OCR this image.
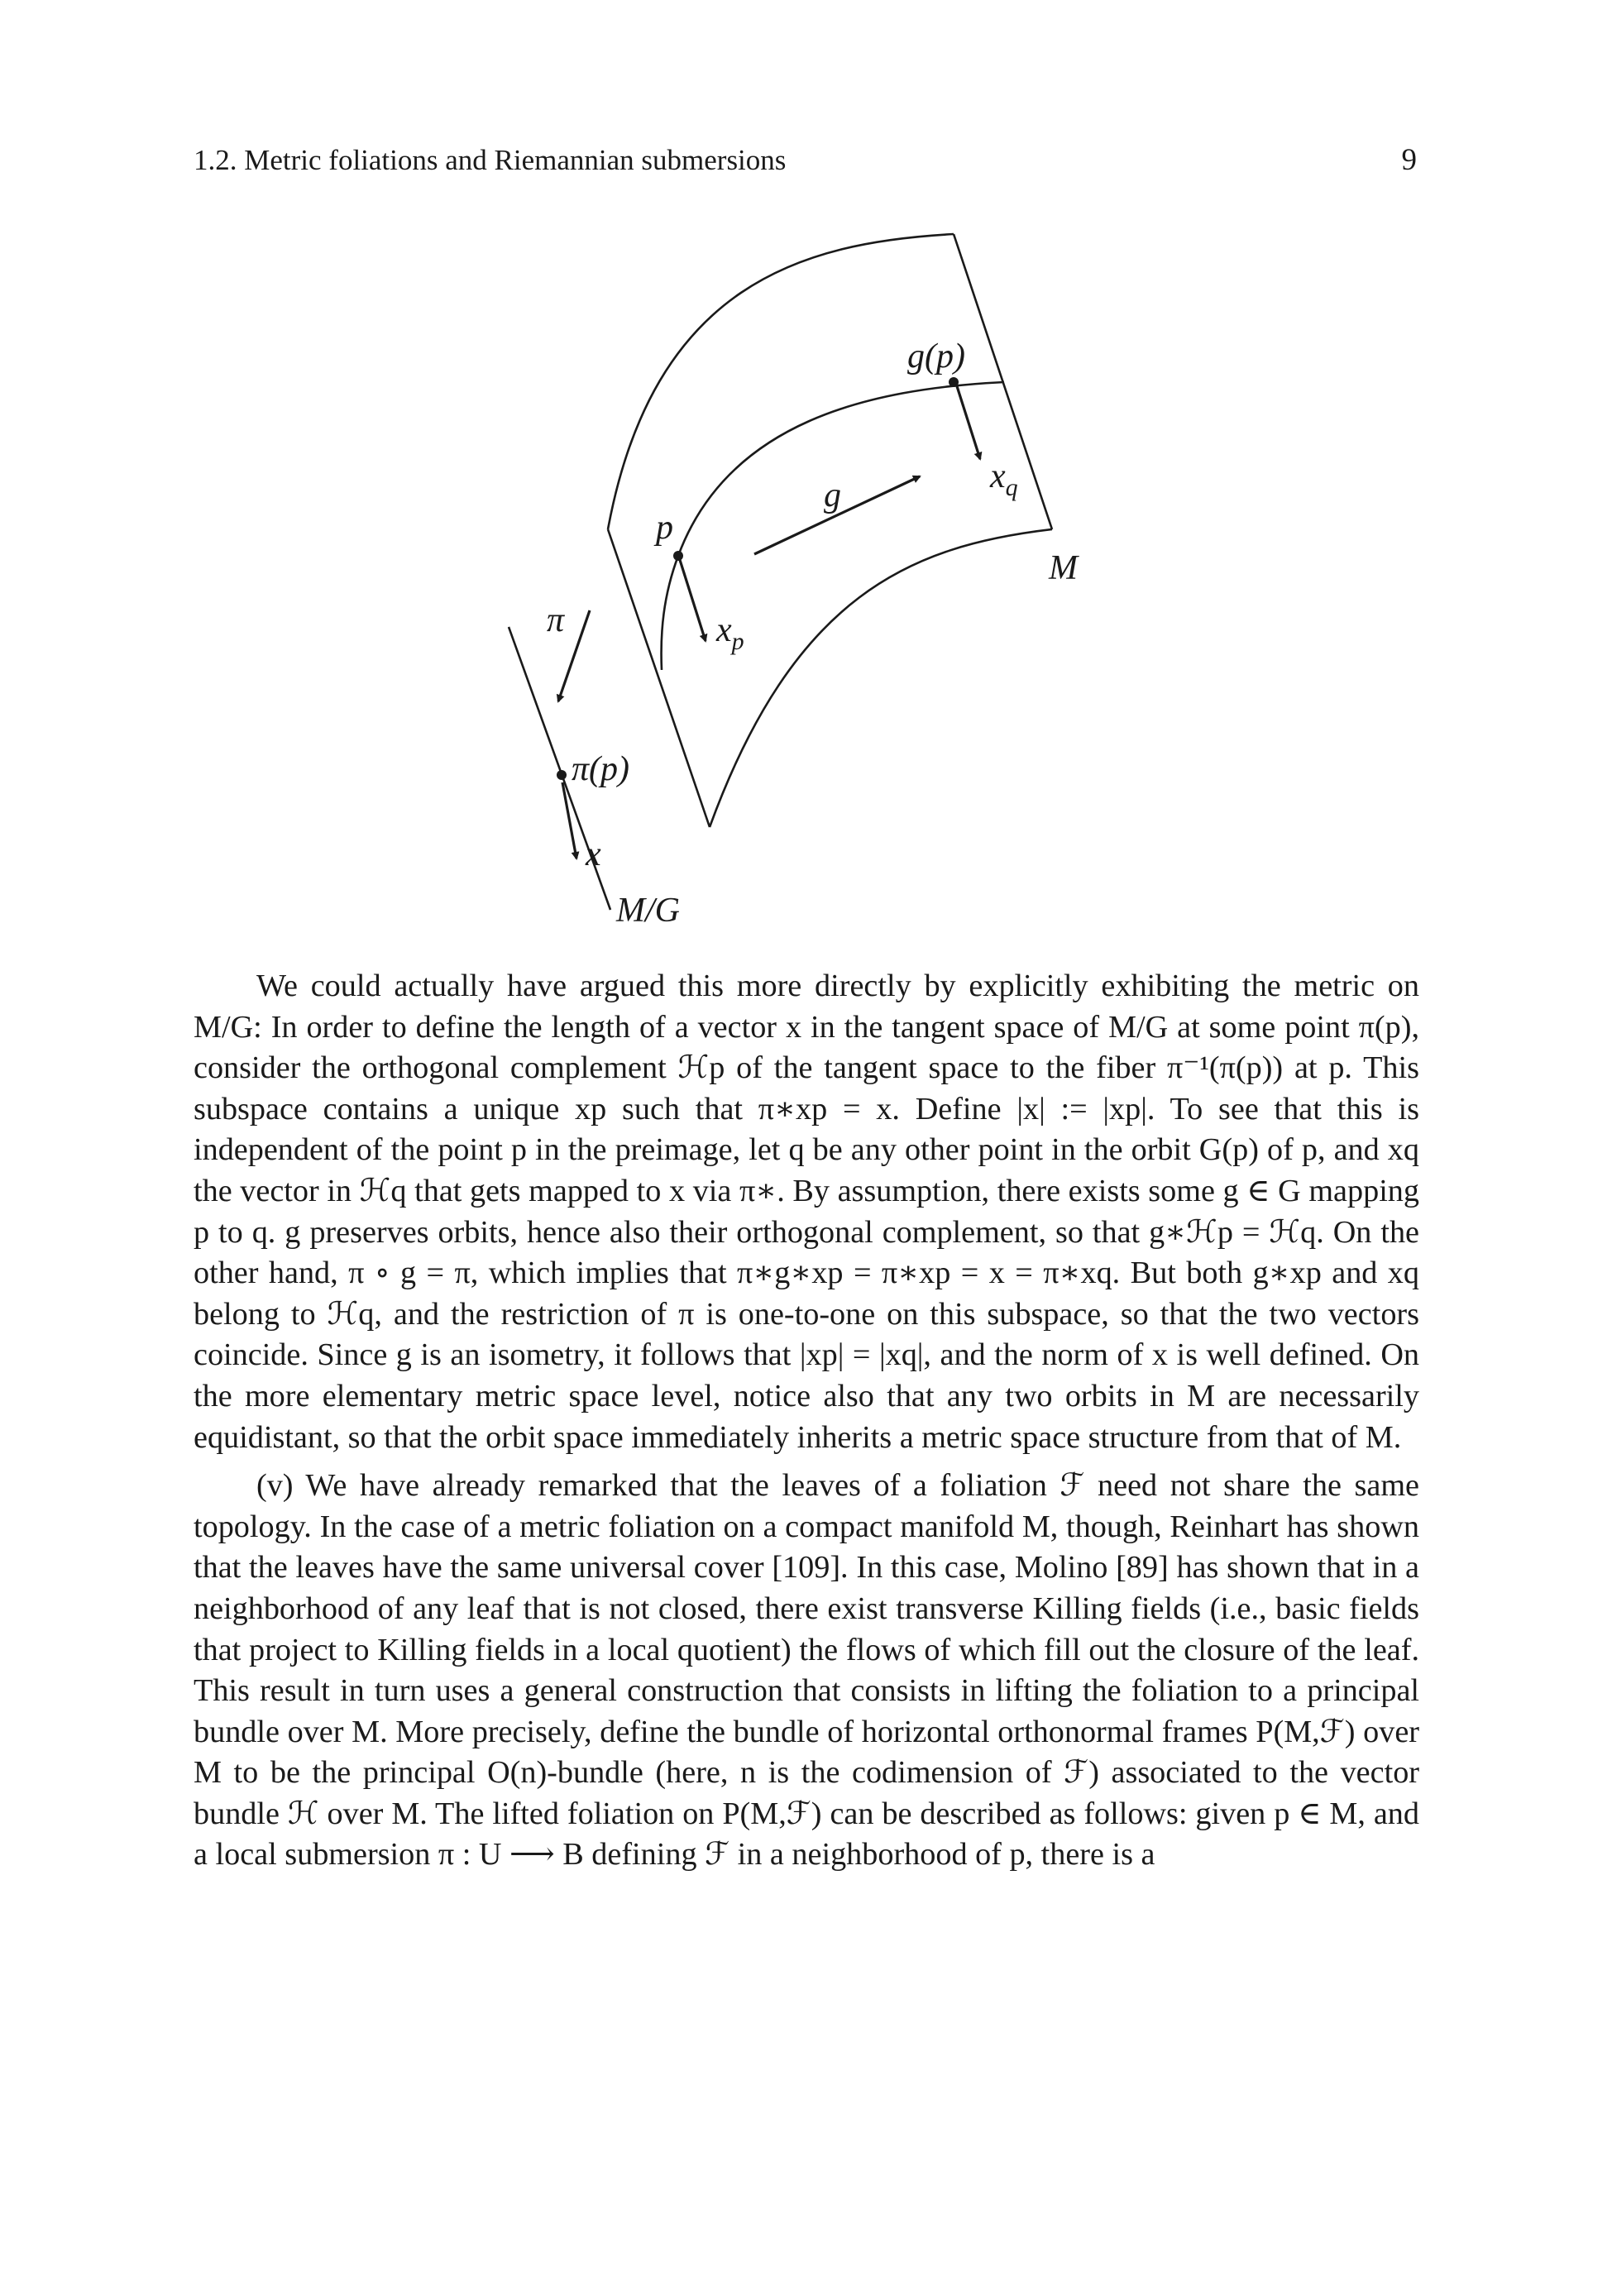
1.2. Metric foliations and Riemannian submersions	9
g(p)
$x_q$
g
p
M
π	$x_p$
π(p)
x
M/G

We could actually have argued this more directly by explicitly exhibiting the metric on M/G: In order to define the length of a vector x in the tangent space of M/G at some point π(p), consider the orthogonal complement ℋp of the tangent space to the fiber π⁻¹(π(p)) at p. This subspace contains a unique xp such that π∗xp = x. Define |x| := |xp|. To see that this is independent of the point p in the preimage, let q be any other point in the orbit G(p) of p, and xq the vector in ℋq that gets mapped to x via π∗. By assumption, there exists some g ∈ G mapping p to q. g preserves orbits, hence also their orthogonal complement, so that g∗ℋp = ℋq. On the other hand, π ∘ g = π, which implies that π∗g∗xp = π∗xp = x = π∗xq. But both g∗xp and xq belong to ℋq, and the restriction of π is one-to-one on this subspace, so that the two vectors coincide. Since g is an isometry, it follows that |xp| = |xq|, and the norm of x is well defined. On the more elementary metric space level, notice also that any two orbits in M are necessarily equidistant, so that the orbit space immediately inherits a metric space structure from that of M.

(v) We have already remarked that the leaves of a foliation ℱ need not share the same topology. In the case of a metric foliation on a compact manifold M, though, Reinhart has shown that the leaves have the same universal cover [109]. In this case, Molino [89] has shown that in a neighborhood of any leaf that is not closed, there exist transverse Killing fields (i.e., basic fields that project to Killing fields in a local quotient) the flows of which fill out the closure of the leaf. This result in turn uses a general construction that consists in lifting the foliation to a principal bundle over M. More precisely, define the bundle of horizontal orthonormal frames P(M,ℱ) over M to be the principal O(n)-bundle (here, n is the codimension of ℱ) associated to the vector bundle ℋ over M. The lifted foliation on P(M,ℱ) can be described as follows: given p ∈ M, and a local submersion π : U ⟶ B defining ℱ in a neighborhood of p, there is a
